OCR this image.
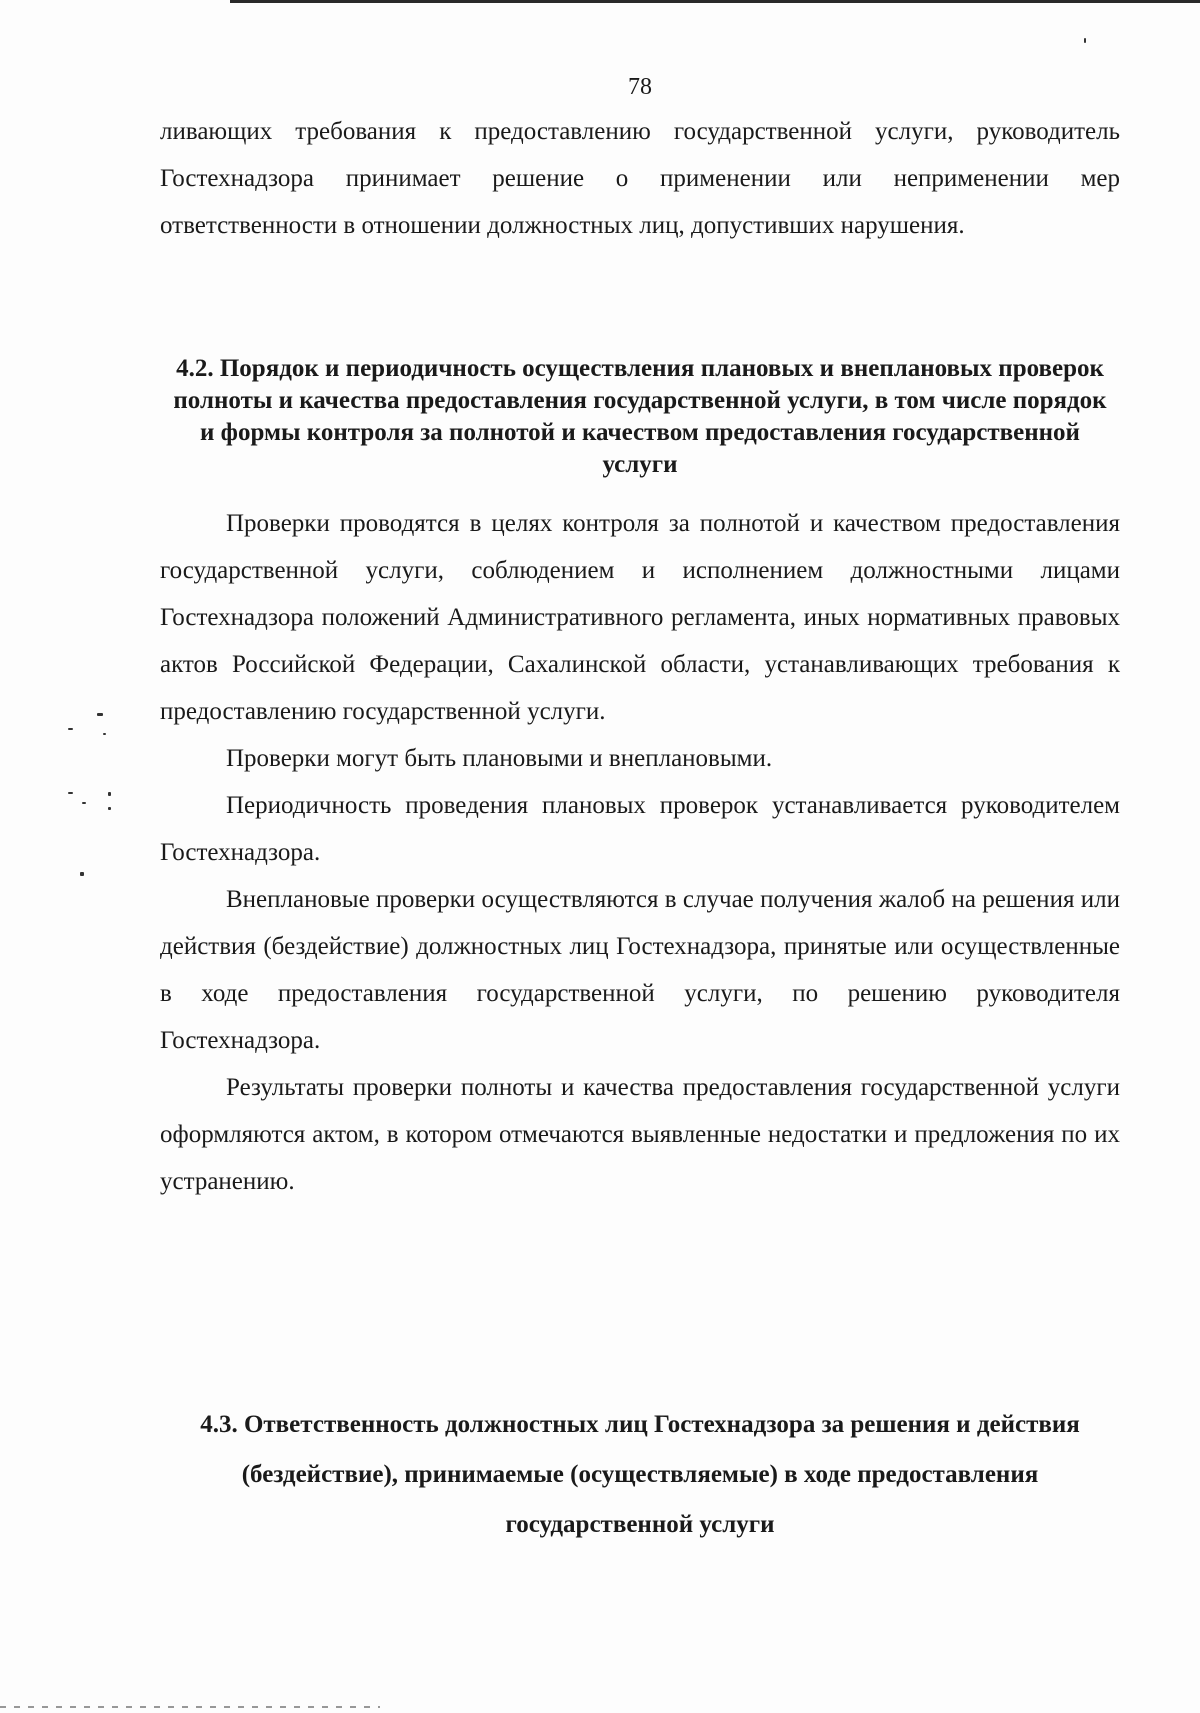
78

ливающих требования к предоставлению государственной услуги, руководитель Гостехнадзора принимает решение о применении или неприменении мер ответственности в отношении должностных лиц, допустивших нарушения.

4.2. Порядок и периодичность осуществления плановых и внеплановых проверок полноты и качества предоставления государственной услуги, в том числе порядок и формы контроля за полнотой и качеством предоставления государственной услуги

Проверки проводятся в целях контроля за полнотой и качеством предоставления государственной услуги, соблюдением и исполнением должностными лицами Гостехнадзора положений Административного регламента, иных нормативных правовых актов Российской Федерации, Сахалинской области, устанавливающих требования к предоставлению государственной услуги.

Проверки могут быть плановыми и внеплановыми.

Периодичность проведения плановых проверок устанавливается руководителем Гостехнадзора.

Внеплановые проверки осуществляются в случае получения жалоб на решения или действия (бездействие) должностных лиц Гостехнадзора, принятые или осуществленные в ходе предоставления государственной услуги, по решению руководителя Гостехнадзора.

Результаты проверки полноты и качества предоставления государственной услуги оформляются актом, в котором отмечаются выявленные недостатки и предложения по их устранению.

4.3. Ответственность должностных лиц Гостехнадзора за решения и действия (бездействие), принимаемые (осуществляемые) в ходе предоставления государственной услуги
